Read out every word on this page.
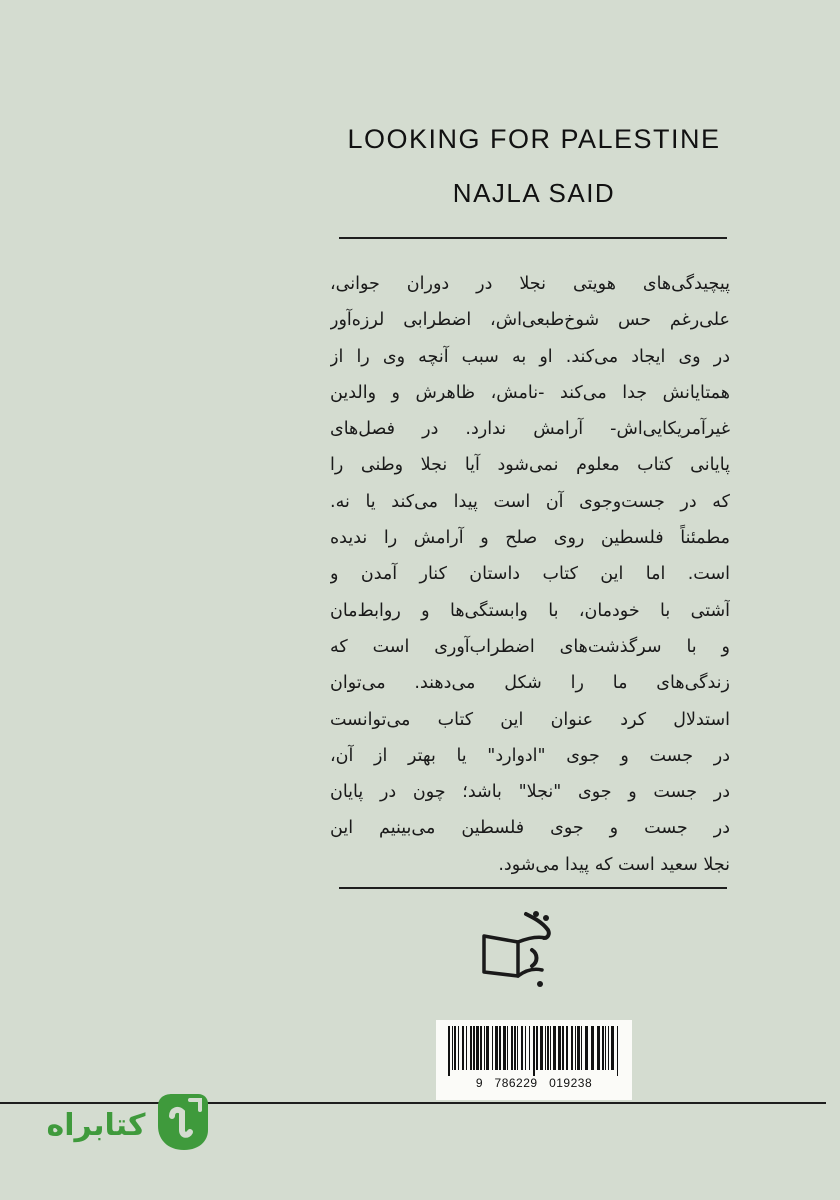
LOOKING FOR PALESTINE
NAJLA SAID
پیچیدگی‌های هویتی نجلا در دوران جوانی،
علی‌رغم حس شوخ‌طبعی‌اش، اضطرابی لرزه‌آور
در وی ایجاد می‌کند. او به سبب آنچه وی را از
همتایانش جدا می‌کند -نامش، ظاهرش و والدین
غیرآمریکایی‌اش- آرامش ندارد. در فصل‌های
پایانی کتاب معلوم نمی‌شود آیا نجلا وطنی را
که در جست‌وجوی آن است پیدا می‌کند یا نه.
مطمئناً فلسطین روی صلح و آرامش را ندیده
است. اما این کتاب داستان کنار آمدن و
آشتی با خودمان، با وابستگی‌ها و روابط‌مان
و با سرگذشت‌های اضطراب‌آوری است که
زندگی‌های ما را شکل می‌دهند. می‌توان
استدلال کرد عنوان این کتاب می‌توانست
در جست و جوی "ادوارد" یا بهتر از آن،
در جست و جوی "نجلا" باشد؛ چون در پایان
در جست و جوی فلسطین می‌بینیم این
نجلا سعید است که پیدا می‌شود.
9   786229   019238
کتابراه
